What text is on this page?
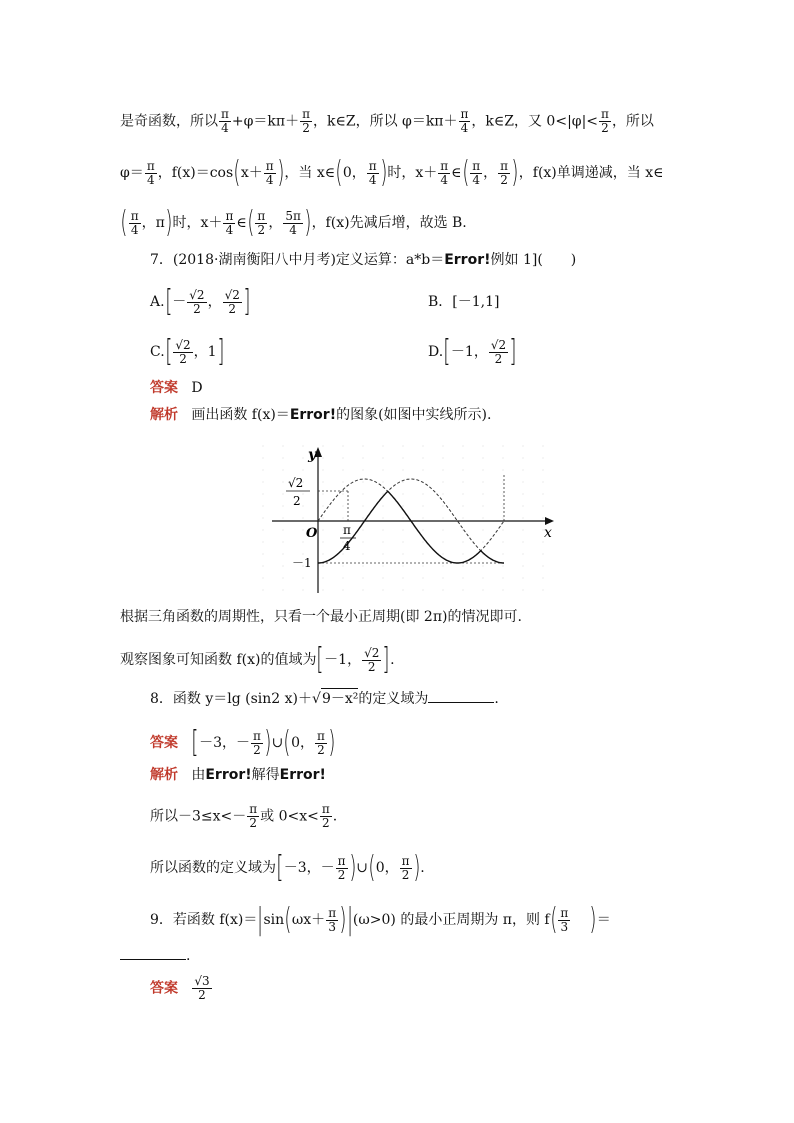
是奇函数，所以 $\frac{\pi}{4} +\varphi=k\pi+ \frac{\pi}{2}$ ，k∈Z，所以 $\varphi=k\pi+ \frac{\pi}{4}$ ，k∈Z，又 $0<|\varphi|< \frac{\pi}{2}$ ，所以
$\varphi= \frac{\pi}{4}$ ，$f(x)=\cos(x+ \frac{\pi}{4}$ )，当 x∈(0， $\frac{\pi}{4}$ )时，$x+ \frac{\pi}{4}$ ∈( $\frac{\pi}{4}$ ， $\frac{\pi}{2}$ )，f(x)单调递减，当 x∈
( $\frac{\pi}{4}$ ，π)时，$x+ \frac{\pi}{4}$ ∈( $\frac{\pi}{2}$ ， $\frac{5\pi}{4}$ )，f(x)先减后增，故选 B.
7．(2018·湖南衡阳八中月考)定义运算：a*b＝Error!例如 1](　　)
$A.[- \frac{√2}{2}$ ， $\frac{√2}{2}$ ]	B．[－1,1]
$C.[ \frac{√2}{2}$ ，1]	D.[－1， $\frac{√2}{2}$ ]
答案 D
解析 画出函数 f(x)＝Error!的图象(如图中实线所示).
y
x
O π
4
√2
2
－1
根据三角函数的周期性，只看一个最小正周期(即 2π)的情况即可.
观察图象可知函数 f(x)的值域为[－1， $\frac{√2}{2}$ ].
8．函数 y＝lg (sin2 x)＋√9－x²的定义域为	.
答案 [－3，－ $\frac{\pi}{2}$ )∪(0， $\frac{\pi}{2}$ )
解析 由Error!解得Error!
所以$-3\le x<- \frac{\pi}{2}$ 或 $0<x< \frac{\pi}{2}$ .
所以函数的定义域为[－3，－ $\frac{\pi}{2}$ )∪(0， $\frac{\pi}{2}$ ).
9．若函数 $f(x)=|\sin(\omega x+ \frac{\pi}{3} )|(\omega>0)$ 的最小正周期为 π，则 $f( \frac{\pi}{3}$ )＝
.
答案 $\frac{√3}{2}$
